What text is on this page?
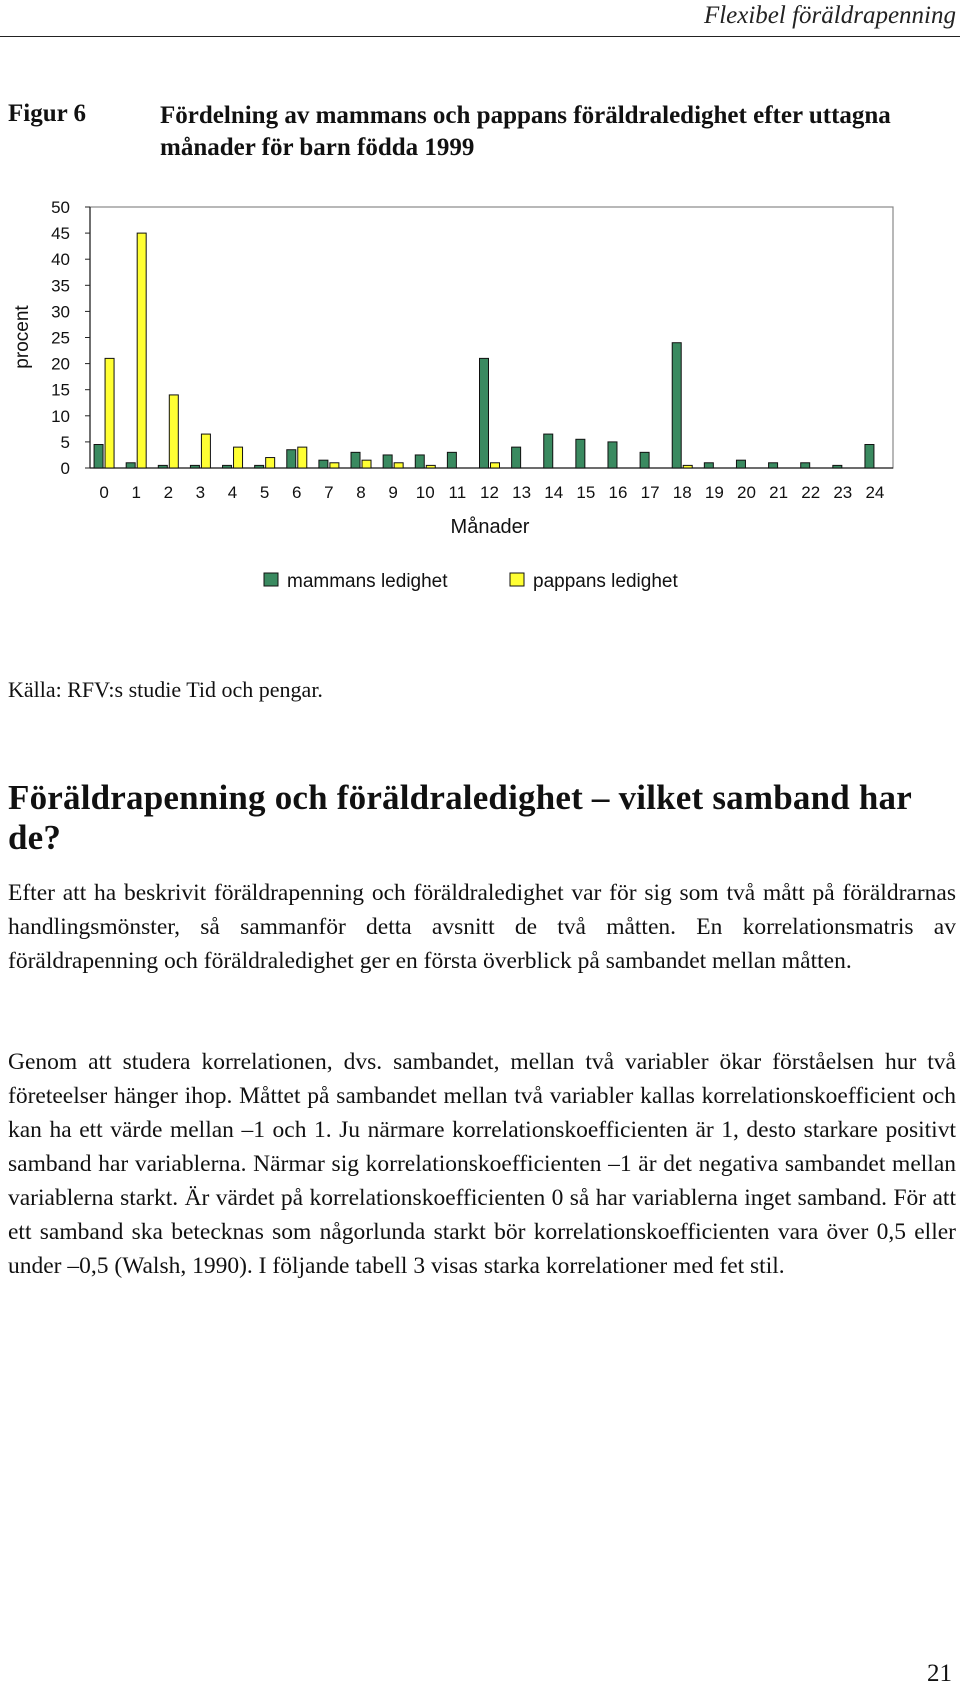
Flexibel föräldrapenning
Figur 6	Fördelning av mammans och pappans föräldraledighet efter uttagna månader för barn födda 1999
0
5
10
15
20
25
30
35
40
45
50
0 1 2 3 4 5 6 7 8 9 10 11 12 13 14 15 16 17 18 19 20 21 22 23 24
procent
Månader
mammans ledighet	pappans ledighet
Källa: RFV:s studie Tid och pengar.
Föräldrapenning och föräldraledighet – vilket samband har de?

Efter att ha beskrivit föräldrapenning och föräldraledighet var för sig som två mått på föräldrarnas handlingsmönster, så sammanför detta avsnitt de två måtten. En korrelationsmatris av föräldrapenning och föräldraledighet ger en första överblick på sambandet mellan måtten.

Genom att studera korrelationen, dvs. sambandet, mellan två variabler ökar förståelsen hur två företeelser hänger ihop. Måttet på sambandet mellan två variabler kallas korrelationskoefficient och kan ha ett värde mellan –1 och 1. Ju närmare korrelationskoefficienten är 1, desto starkare positivt samband har variablerna. Närmar sig korrelationskoefficienten –1 är det negativa sambandet mellan variablerna starkt. Är värdet på korrelationskoefficienten 0 så har variablerna inget samband. För att ett samband ska betecknas som någorlunda starkt bör korrelationskoefficienten vara över 0,5 eller under –0,5 (Walsh, 1990). I följande tabell 3 visas starka korrelationer med fet stil.

21
